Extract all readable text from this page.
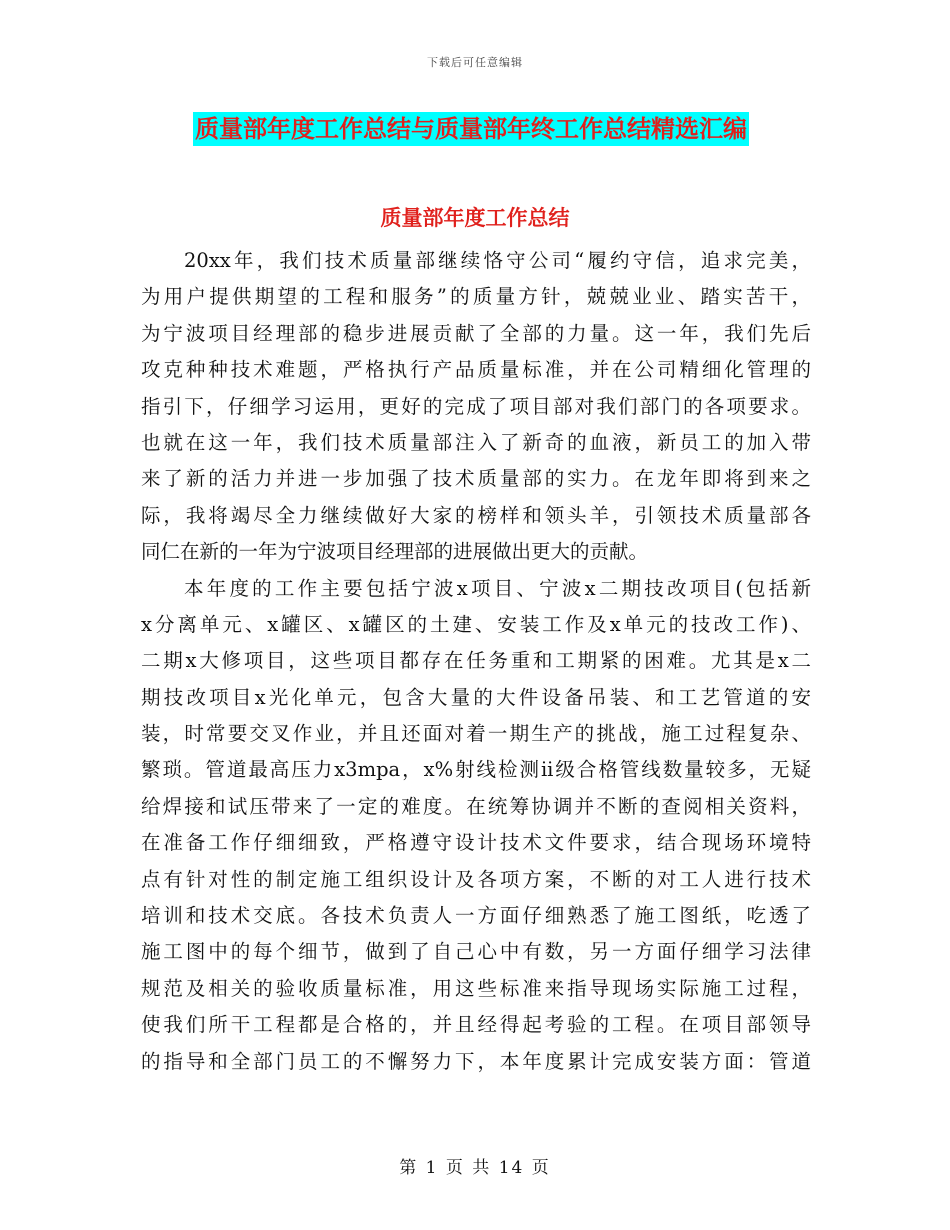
下载后可任意编辑
质量部年度工作总结与质量部年终工作总结精选汇编
质量部年度工作总结
20xx年，我们技术质量部继续恪守公司“履约守信，追求完美，
为用户提供期望的工程和服务”的质量方针，兢兢业业、踏实苦干，
为宁波项目经理部的稳步进展贡献了全部的力量。这一年，我们先后
攻克种种技术难题，严格执行产品质量标准，并在公司精细化管理的
指引下，仔细学习运用，更好的完成了项目部对我们部门的各项要求。
也就在这一年，我们技术质量部注入了新奇的血液，新员工的加入带
来了新的活力并进一步加强了技术质量部的实力。在龙年即将到来之
际，我将竭尽全力继续做好大家的榜样和领头羊，引领技术质量部各
同仁在新的一年为宁波项目经理部的进展做出更大的贡献。
本年度的工作主要包括宁波x项目、宁波x二期技改项目(包括新
x分离单元、x罐区、x罐区的土建、安装工作及x单元的技改工作)、
二期x大修项目，这些项目都存在任务重和工期紧的困难。尤其是x二
期技改项目x光化单元，包含大量的大件设备吊装、和工艺管道的安
装，时常要交叉作业，并且还面对着一期生产的挑战，施工过程复杂、
繁琐。管道最高压力x3mpa，x%射线检测ii级合格管线数量较多，无疑
给焊接和试压带来了一定的难度。在统筹协调并不断的查阅相关资料，
在准备工作仔细细致，严格遵守设计技术文件要求，结合现场环境特
点有针对性的制定施工组织设计及各项方案，不断的对工人进行技术
培训和技术交底。各技术负责人一方面仔细熟悉了施工图纸，吃透了
施工图中的每个细节，做到了自己心中有数，另一方面仔细学习法律
规范及相关的验收质量标准，用这些标准来指导现场实际施工过程，
使我们所干工程都是合格的，并且经得起考验的工程。在项目部领导
的指导和全部门员工的不懈努力下，本年度累计完成安装方面：管道
第 1 页 共 14 页
